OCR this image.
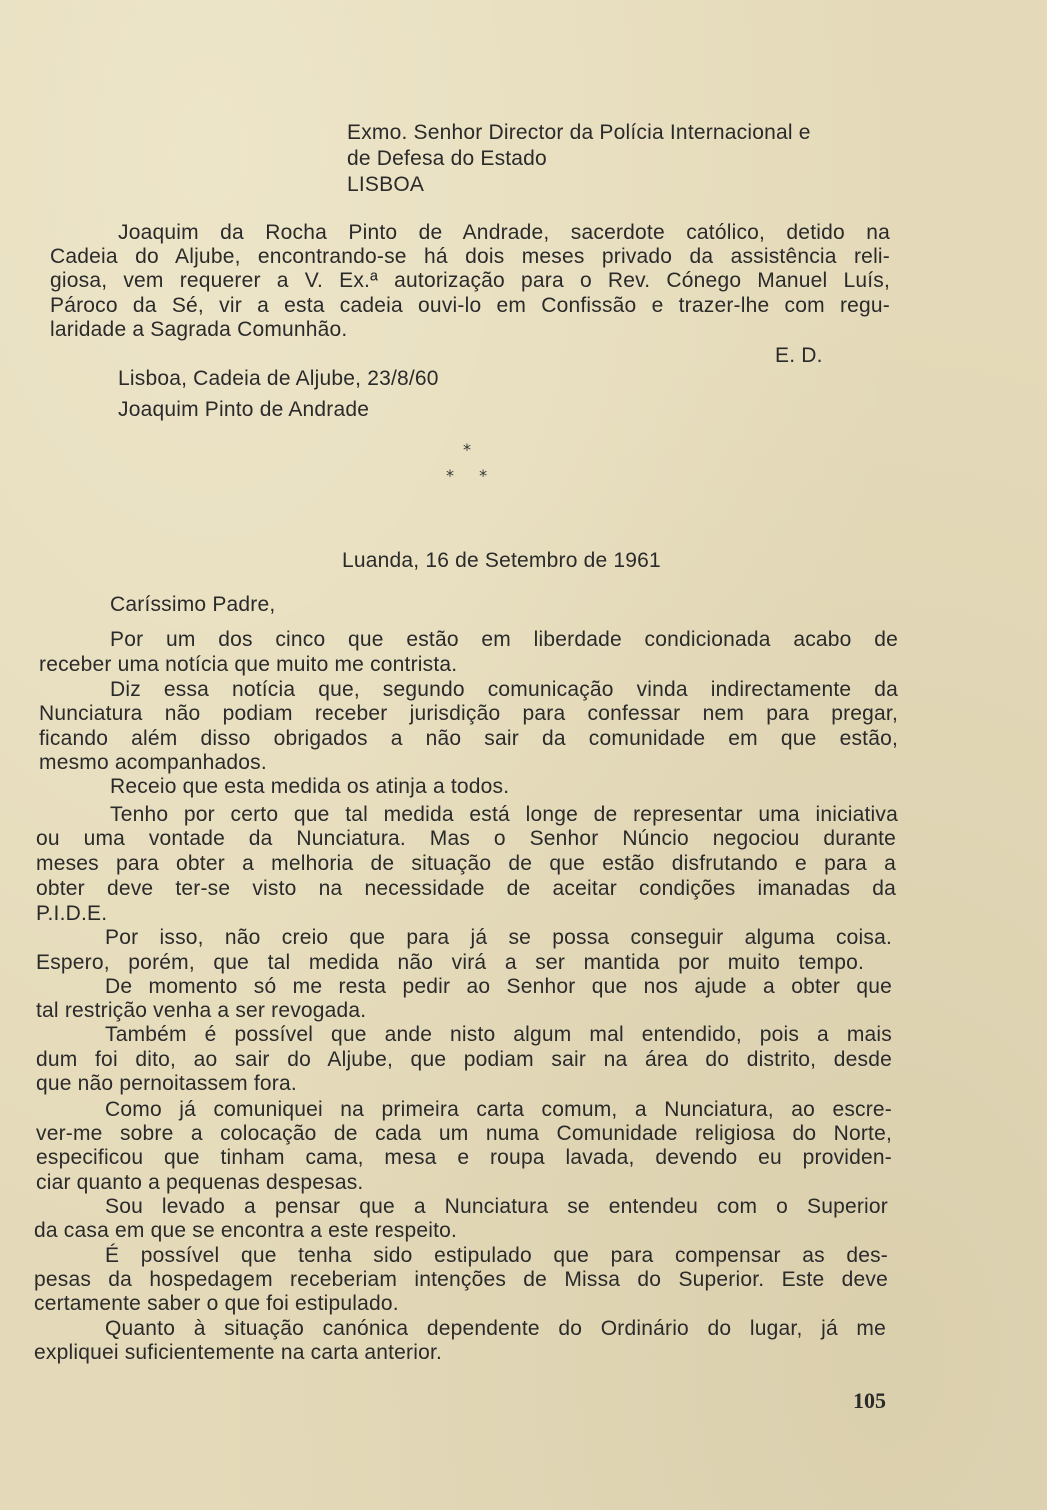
Exmo. Senhor Director da Polícia Internacional e
de Defesa do Estado
LISBOA
Joaquim da Rocha Pinto de Andrade, sacerdote católico, detido na
Cadeia do Aljube, encontrando-se há dois meses privado da assistência reli-
giosa, vem requerer a V. Ex.ª autorização para o Rev. Cónego Manuel Luís,
Pároco da Sé, vir a esta cadeia ouvi-lo em Confissão e trazer-lhe com regu-
laridade a Sagrada Comunhão.
E. D.
Lisboa, Cadeia de Aljube, 23/8/60
Joaquim Pinto de Andrade
*
* *
Luanda, 16 de Setembro de 1961
Caríssimo Padre,
Por um dos cinco que estão em liberdade condicionada acabo de
receber uma notícia que muito me contrista.
Diz essa notícia que, segundo comunicação vinda indirectamente da
Nunciatura não podiam receber jurisdição para confessar nem para pregar,
ficando além disso obrigados a não sair da comunidade em que estão,
mesmo acompanhados.
Receio que esta medida os atinja a todos.
Tenho por certo que tal medida está longe de representar uma iniciativa
ou uma vontade da Nunciatura. Mas o Senhor Núncio negociou durante
meses para obter a melhoria de situação de que estão disfrutando e para a
obter deve ter-se visto na necessidade de aceitar condições imanadas da
P.I.D.E.
Por isso, não creio que para já se possa conseguir alguma coisa.
Espero, porém, que tal medida não virá a ser mantida por muito tempo.
De momento só me resta pedir ao Senhor que nos ajude a obter que
tal restrição venha a ser revogada.
Também é possível que ande nisto algum mal entendido, pois a mais
dum foi dito, ao sair do Aljube, que podiam sair na área do distrito, desde
que não pernoitassem fora.
Como já comuniquei na primeira carta comum, a Nunciatura, ao escre-
ver-me sobre a colocação de cada um numa Comunidade religiosa do Norte,
especificou que tinham cama, mesa e roupa lavada, devendo eu providen-
ciar quanto a pequenas despesas.
Sou levado a pensar que a Nunciatura se entendeu com o Superior
da casa em que se encontra a este respeito.
É possível que tenha sido estipulado que para compensar as des-
pesas da hospedagem receberiam intenções de Missa do Superior. Este deve
certamente saber o que foi estipulado.
Quanto à situação canónica dependente do Ordinário do lugar, já me
expliquei suficientemente na carta anterior.
105
